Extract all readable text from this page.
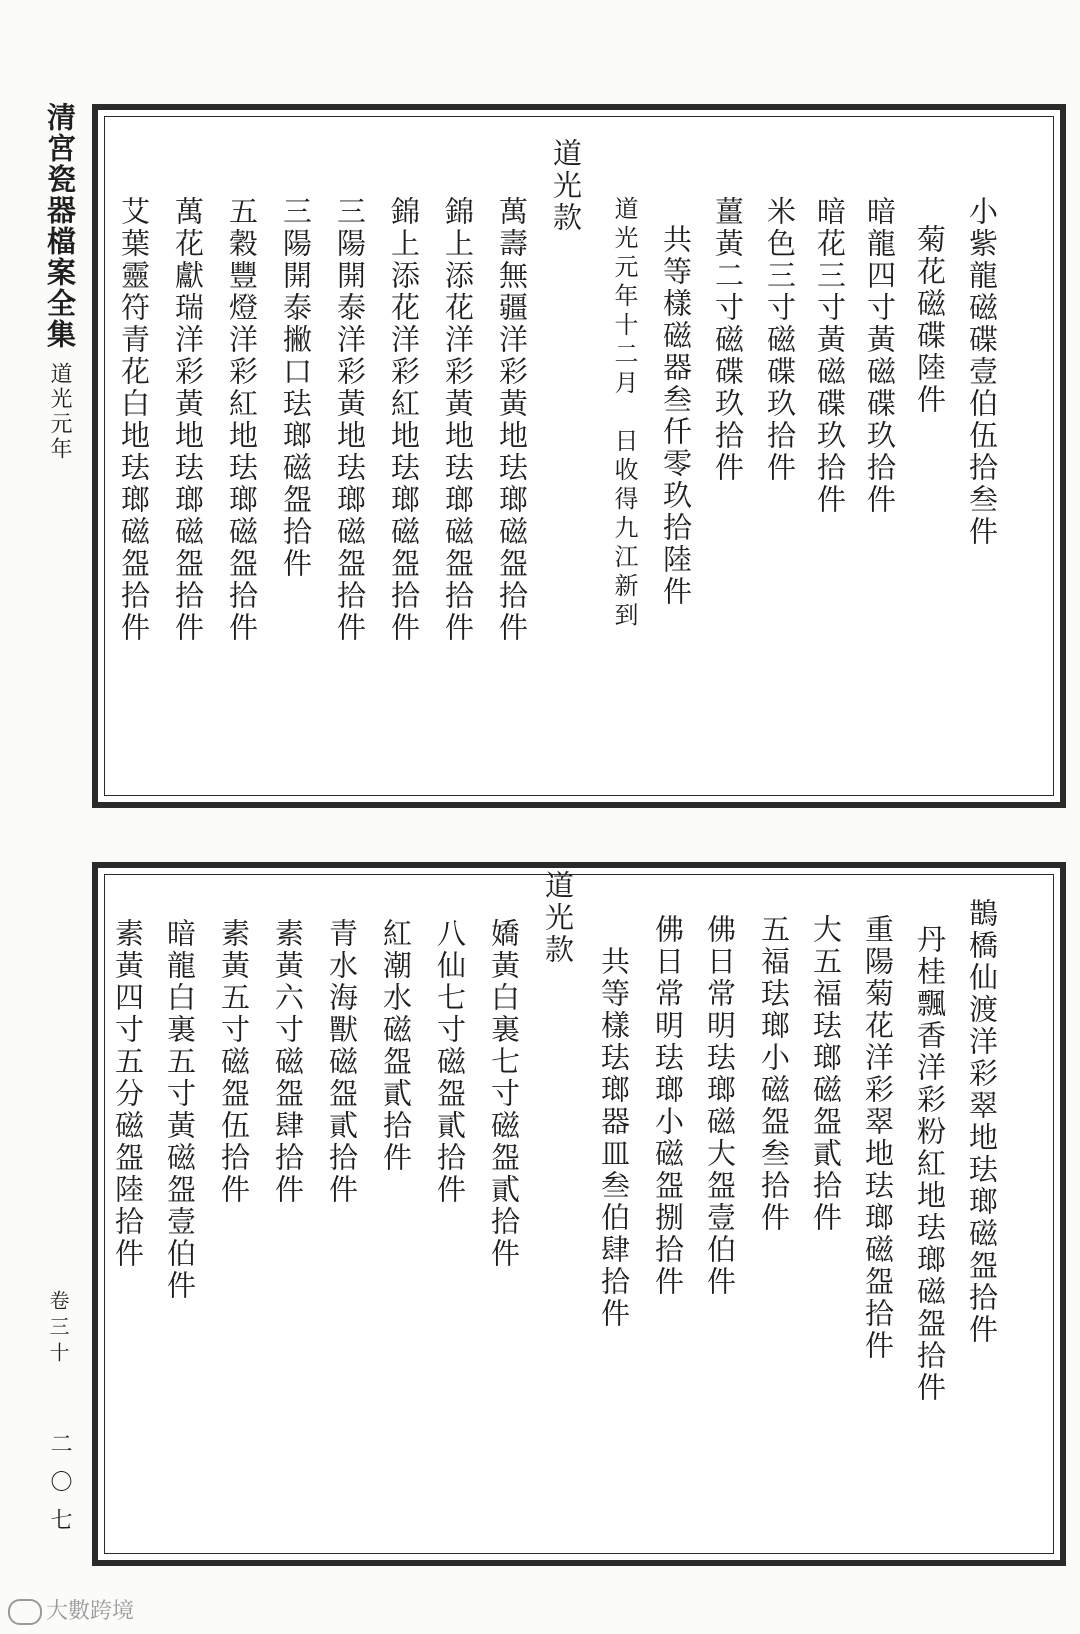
清宮瓷器檔案全集
道光元年
卷三十
二〇七
小紫龍磁碟壹伯伍拾叁件
菊花磁碟陸件
暗龍四寸黃磁碟玖拾件
暗花三寸黃磁碟玖拾件
米色三寸磁碟玖拾件
薑黃二寸磁碟玖拾件
共等樣磁器叁仟零玖拾陸件
道光元年十二月　日收得九江新到
道光款
萬壽無疆洋彩黃地珐瑯磁盌拾件
錦上添花洋彩黃地珐瑯磁盌拾件
錦上添花洋彩紅地珐瑯磁盌拾件
三陽開泰洋彩黃地珐瑯磁盌拾件
三陽開泰撇口珐瑯磁盌拾件
五穀豐燈洋彩紅地珐瑯磁盌拾件
萬花獻瑞洋彩黃地珐瑯磁盌拾件
艾葉靈符青花白地珐瑯磁盌拾件
鵲橋仙渡洋彩翠地珐瑯磁盌拾件
丹桂飄香洋彩粉紅地珐瑯磁盌拾件
重陽菊花洋彩翠地珐瑯磁盌拾件
大五福珐瑯磁盌貳拾件
五福珐瑯小磁盌叁拾件
佛日常明珐瑯磁大盌壹伯件
佛日常明珐瑯小磁盌捌拾件
共等樣珐瑯器皿叁伯肆拾件
道光款
嬌黃白裏七寸磁盌貳拾件
八仙七寸磁盌貳拾件
紅潮水磁盌貳拾件
青水海獸磁盌貳拾件
素黃六寸磁盌肆拾件
素黃五寸磁盌伍拾件
暗龍白裏五寸黃磁盌壹伯件
素黃四寸五分磁盌陸拾件
大數跨境
